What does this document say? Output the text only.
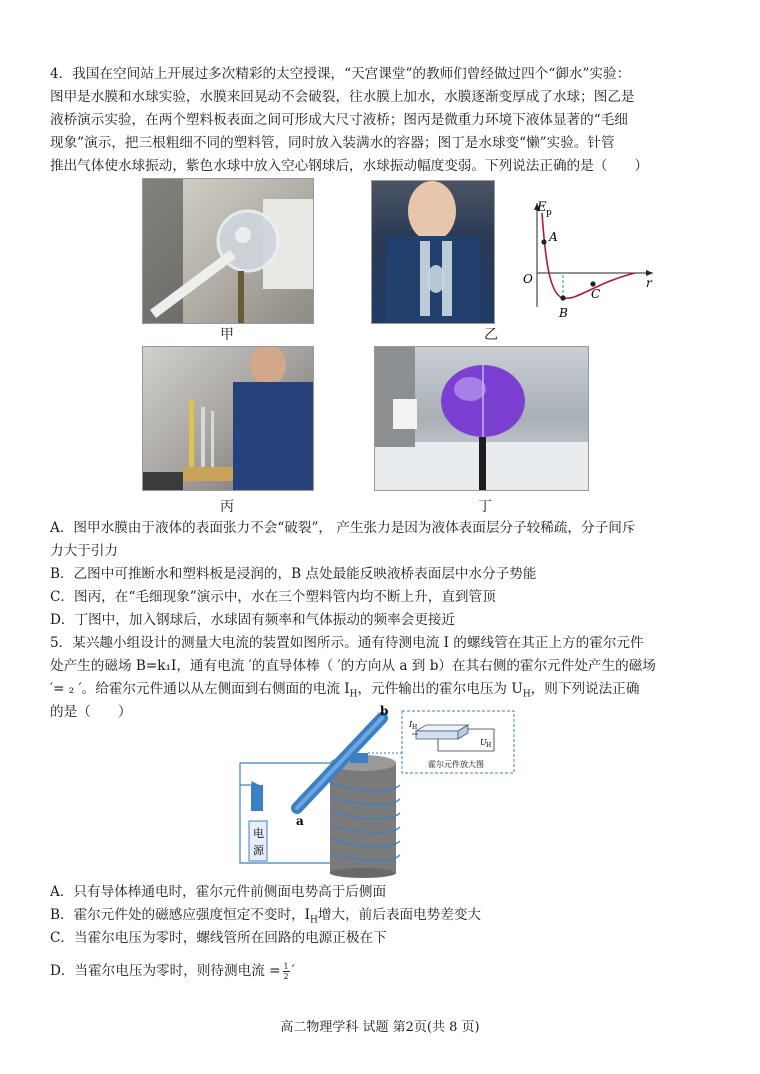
4．我国在空间站上开展过多次精彩的太空授课，“天宫课堂”的教师们曾经做过四个“御水”实验：
图甲是水膜和水球实验，水膜来回晃动不会破裂，往水膜上加水，水膜逐渐变厚成了水球；图乙是
液桥演示实验，在两个塑料板表面之间可形成大尺寸液桥；图丙是微重力环境下液体显著的“毛细
现象”演示，把三根粗细不同的塑料管，同时放入装满水的容器；图丁是水球变“懒”实验。针管
推出气体使水球振动，紫色水球中放入空心钢球后，水球振动幅度变弱。下列说法正确的是（　　）
甲	乙
E p
O	r
A
B
C
丙	丁
A．图甲水膜由于液体的表面张力不会“破裂”， 产生张力是因为液体表面层分子较稀疏，分子间斥
力大于引力
B．乙图中可推断水和塑料板是浸润的，B 点处最能反映液桥表面层中水分子势能
C．图丙，在“毛细现象”演示中，水在三个塑料管内均不断上升，直到管顶
D．丁图中，加入钢球后，水球固有频率和气体振动的频率会更接近
5．某兴趣小组设计的测量大电流的装置如图所示。通有待测电流 I 的螺线管在其正上方的霍尔元件
处产生的磁场 B=k₁I，通有电流 ′的直导体棒（ ′的方向从 a 到 b）在其右侧的霍尔元件处产生的磁场
′= ₂ ′。给霍尔元件通以从左侧面到右侧面的电流 $I_H$，元件输出的霍尔电压为 $U_H$，则下列说法正确
的是（　　）
电
源
a
b
I H
U H
霍尔元件放大图
A．只有导体棒通电时，霍尔元件前侧面电势高于后侧面
B．霍尔元件处的磁感应强度恒定不变时，$I_H$增大，前后表面电势差变大
C．当霍尔电压为零时，螺线管所在回路的电源正极在下
D．当霍尔电压为零时，则待测电流 = $\frac{1}{2}$ ′
高二物理学科 试题 第2页(共 8 页)
